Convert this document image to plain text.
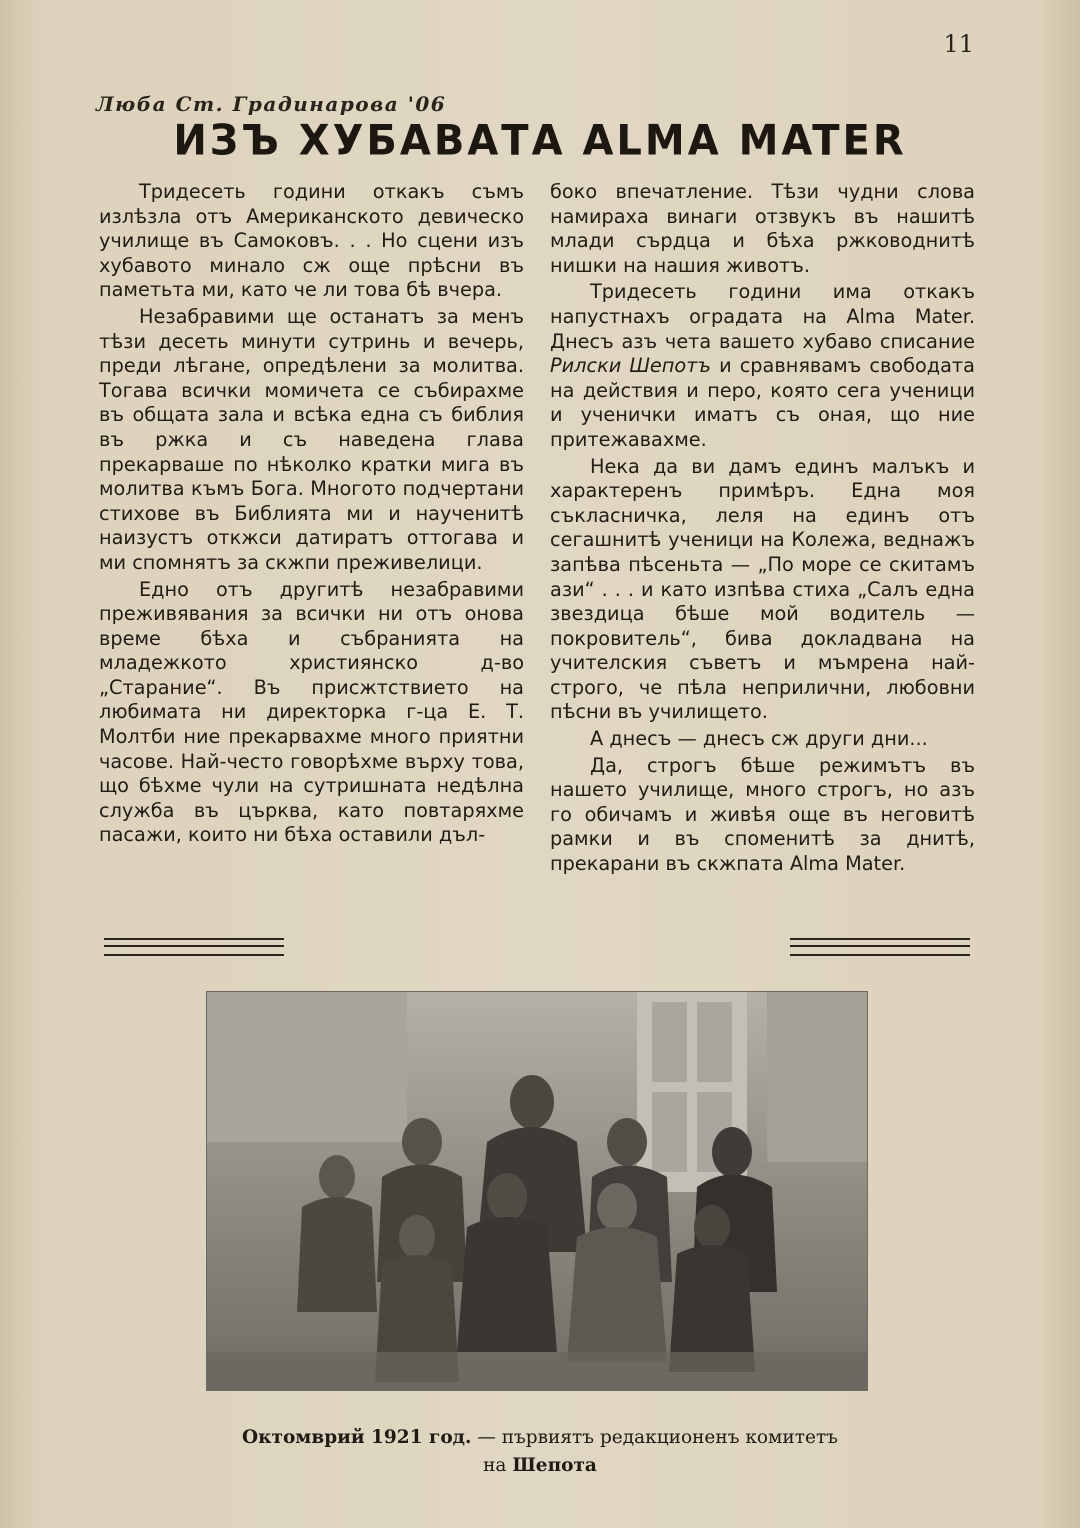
11
Люба Ст. Градинарова '06
ИЗЪ ХУБАВАТА ALMA MATER

Тридесеть години откакъ съмъ излѣзла отъ Американското девическо училище въ Самоковъ. . . Но сцени изъ хубавото минало сж още прѣсни въ паметьта ми, като че ли това бѣ вчера.

Незабравими ще останатъ за менъ тѣзи десеть минути сутринь и вечерь, преди лѣгане, опредѣлени за молитва. Тогава всички момичета се събирахме въ общата зала и всѣка една съ библия въ ржка и съ наведена глава прекарваше по нѣколко кратки мига въ молитва къмъ Бога. Многото подчертани стихове въ Библията ми и наученитѣ наизустъ откжси датиратъ оттогава и ми спомнятъ за скжпи преживелици.

Едно отъ другитѣ незабравими преживявания за всички ни отъ онова време бѣха и събранията на младежкото християнско д-во „Старание“. Въ присжтствието на любимата ни директорка г-ца Е. Т. Молтби ние прекарвахме много приятни часове. Най-често говорѣхме върху това, що бѣхме чули на сутришната недѣлна служба въ църква, като повтаряхме пасажи, които ни бѣха оставили дъл-

боко впечатление. Тѣзи чудни слова намираха винаги отзвукъ въ нашитѣ млади сърдца и бѣха ржководнитѣ нишки на нашия животъ.

Тридесеть години има откакъ напустнахъ оградата на Alma Mater. Днесъ азъ чета вашето хубаво списание Рилски Шепотъ и сравнявамъ свободата на действия и перо, която сега ученици и ученички иматъ съ оная, що ние притежавахме.

Нека да ви дамъ единъ малъкъ и характеренъ примѣръ. Една моя съкласничка, леля на единъ отъ сегашнитѣ ученици на Колежа, веднажъ запѣва пѣсеньта — „По море се скитамъ ази“ . . . и като изпѣва стиха „Салъ една звездица бѣше мой водитель — покровитель“, бива докладвана на учителския съветъ и мъмрена най-строго, че пѣла неприлични, любовни пѣсни въ училището.

А днесъ — днесъ сж други дни...

Да, строгъ бѣше режимътъ въ нашето училище, много строгъ, но азъ го обичамъ и живѣя още въ неговитѣ рамки и въ споменитѣ за днитѣ, прекарани въ скжпата Alma Mater.

Октомврий 1921 год. — първиятъ редакционенъ комитетъ
на Шепота
